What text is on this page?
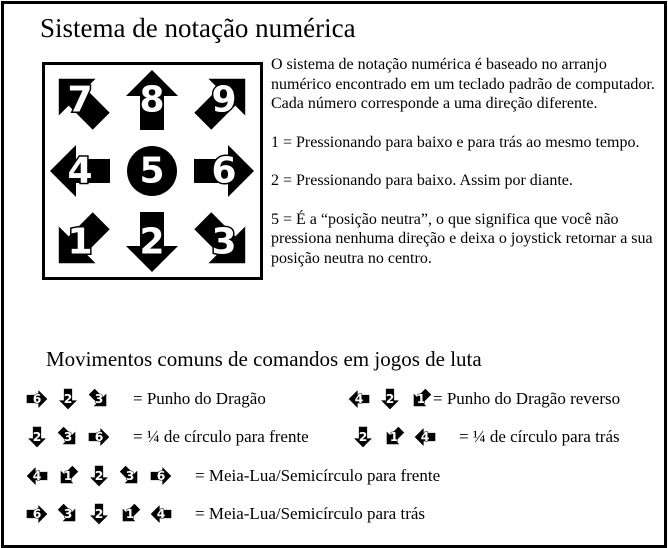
Sistema de notação numérica
7 8 9
4 5 6
1 2 3

O sistema de notação numérica é baseado no arranjo numérico encontrado em um teclado padrão de computador.

Cada número corresponde a uma direção diferente.

1 = Pressionando para baixo e para trás ao mesmo tempo.

2 = Pressionando para baixo. Assim por diante.

5 = É a “posição neutra”, o que significa que você não pressiona nenhuma direção e deixa o joystick retornar a sua posição neutra no centro.

Movimentos comuns de comandos em jogos de luta
6 2 3 = Punho do Dragão 4 2 1 = Punho do Dragão reverso
2 3 6 = ¼ de círculo para frente 2 1 4 = ¼ de círculo para trás
4 1 2 3 6 = Meia-Lua/Semicírculo para frente
6 3 2 1 4 = Meia-Lua/Semicírculo para trás
